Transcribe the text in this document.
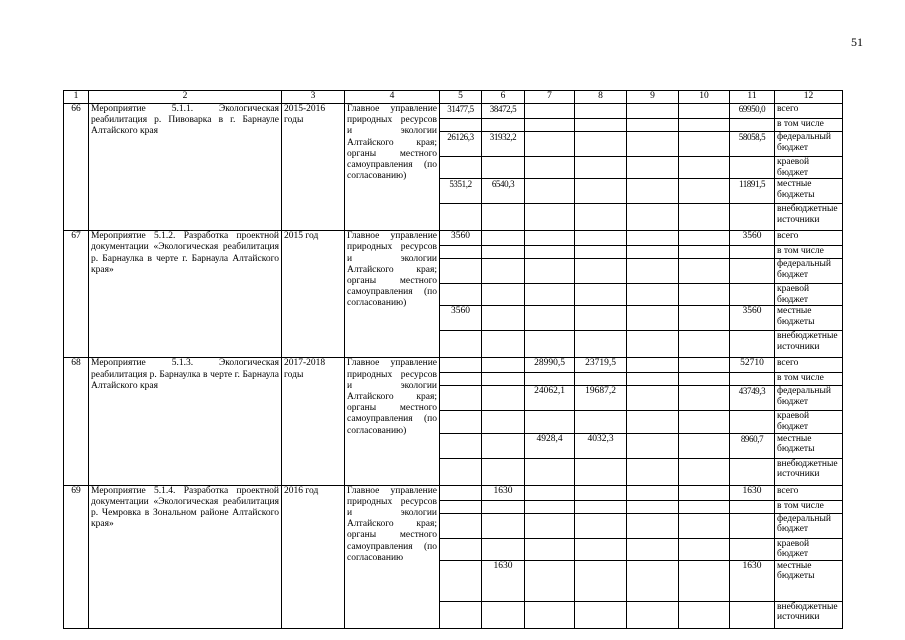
51
1	2	3	4	5	6	7	8	9	10	11	12
66	Мероприятие 5.1.1. Экологическая реабилитация р. Пивоварка в г. Барнауле Алтайского края	2015-2016 годы	Главное управление природных ресурсов и экологии Алтайского края; органы местного самоуправления (по согласованию)	31477,5	38472,5					69950,0	всего
											в том числе
				26126,3	31932,2					58058,5	федеральный бюджет
											краевой бюджет
				5351,2	6540,3					11891,5	местные бюджеты
											внебюджетные источники
67	Мероприятие 5.1.2. Разработка проектной документации «Экологическая реабилитация р. Барнаулка в черте г. Барнаула Алтайского края»	2015 год	Главное управление природных ресурсов и экологии Алтайского края; органы местного самоуправления (по согласованию)	3560						3560	всего
											в том числе
											федеральный бюджет
											краевой бюджет
				3560						3560	местные бюджеты
											внебюджетные источники
68	Мероприятие 5.1.3. Экологическая реабилитация р. Барнаулка в черте г. Барнаула Алтайского края	2017-2018 годы	Главное управление природных ресурсов и экологии Алтайского края; органы местного самоуправления (по согласованию)			28990,5	23719,5			52710	всего
											в том числе
						24062,1	19687,2			43749,3	федеральный бюджет
											краевой бюджет
						4928,4	4032,3			8960,7	местные бюджеты
											внебюджетные источники
69	Мероприятие 5.1.4. Разработка проектной документации «Экологическая реабилитация р. Чемровка в Зональном районе Алтайского края»	2016 год	Главное управление природных ресурсов и экологии Алтайского края; органы местного самоуправления (по согласованию		1630					1630	всего
											в том числе
											федеральный бюджет
											краевой бюджет
					1630					1630	местные бюджеты
											внебюджетные источники
